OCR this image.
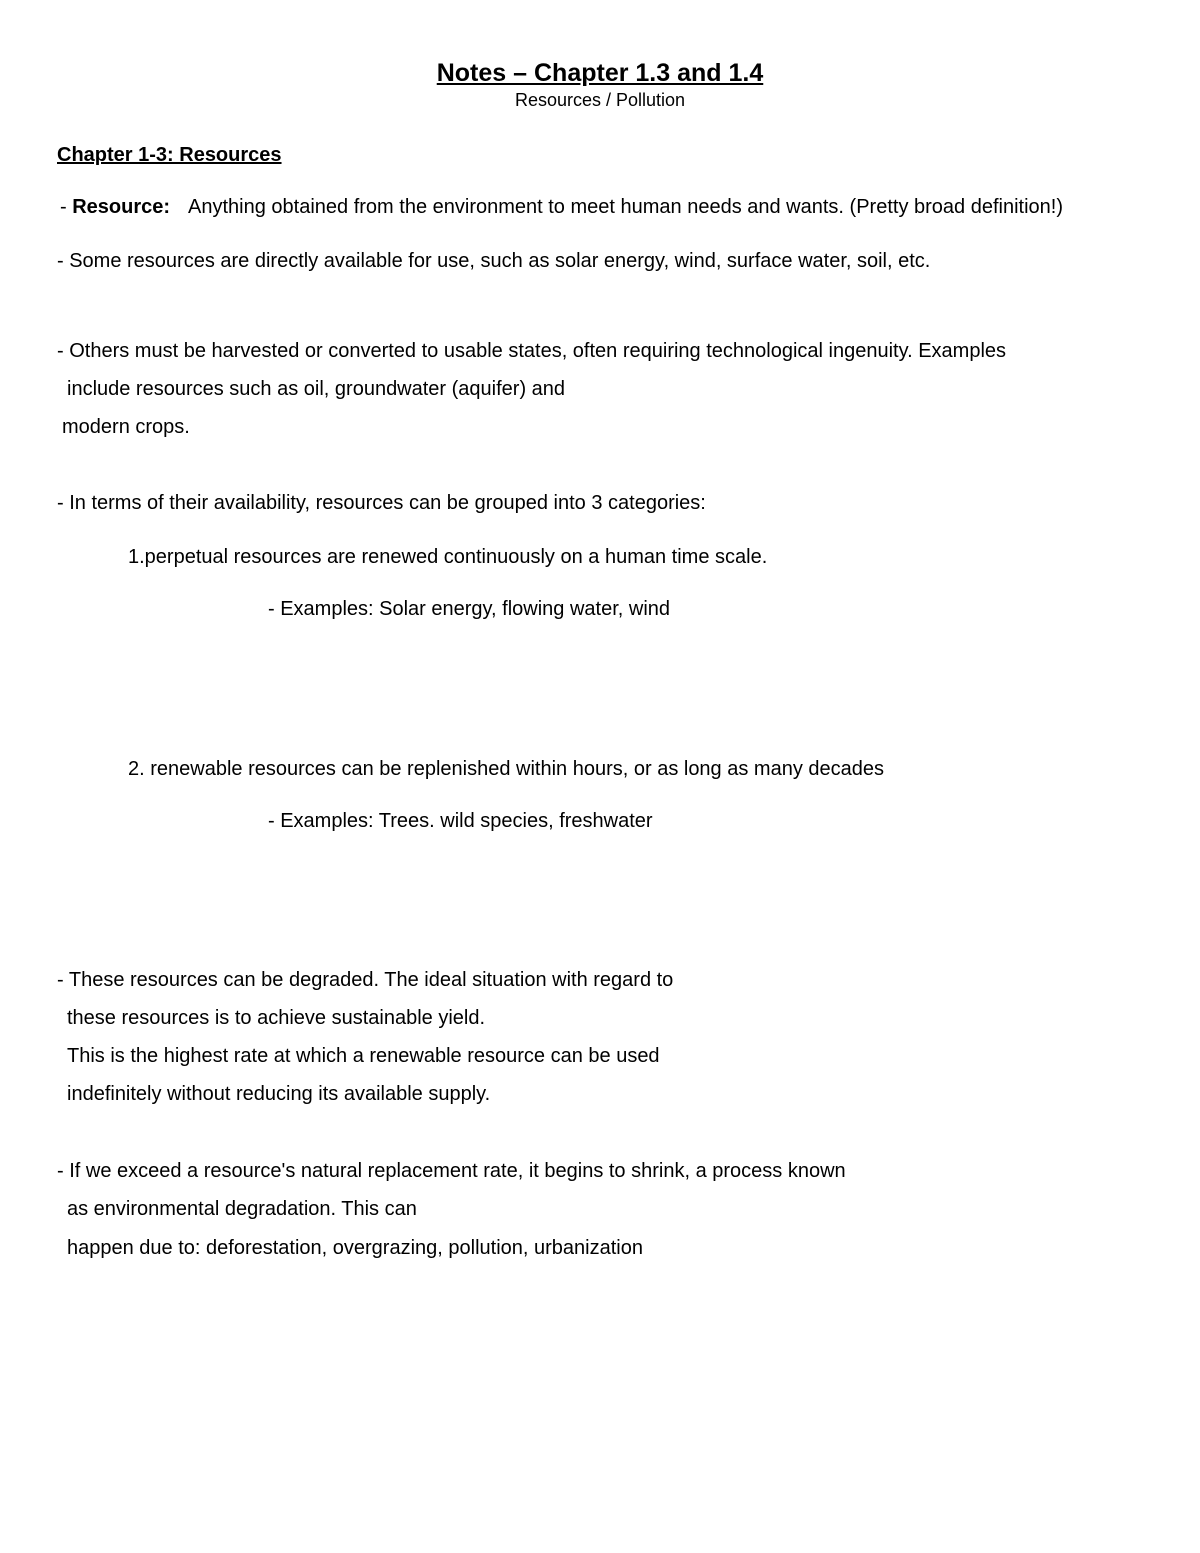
Notes – Chapter 1.3 and 1.4
Resources / Pollution
Chapter 1-3: Resources
- Resource: Anything obtained from the environment to meet human needs and wants. (Pretty broad definition!)
- Some resources are directly available for use, such as solar energy, wind, surface water, soil, etc.
- Others must be harvested or converted to usable states, often requiring technological ingenuity. Examples
include resources such as oil, groundwater (aquifer) and
modern crops.
- In terms of their availability, resources can be grouped into 3 categories:
1.perpetual resources are renewed continuously on a human time scale.
- Examples: Solar energy, flowing water, wind
2. renewable resources can be replenished within hours, or as long as many decades
- Examples: Trees. wild species, freshwater
- These resources can be degraded. The ideal situation with regard to
these resources is to achieve sustainable yield.
This is the highest rate at which a renewable resource can be used
indefinitely without reducing its available supply.
- If we exceed a resource's natural replacement rate, it begins to shrink, a process known
as environmental degradation. This can
happen due to: deforestation, overgrazing, pollution, urbanization
